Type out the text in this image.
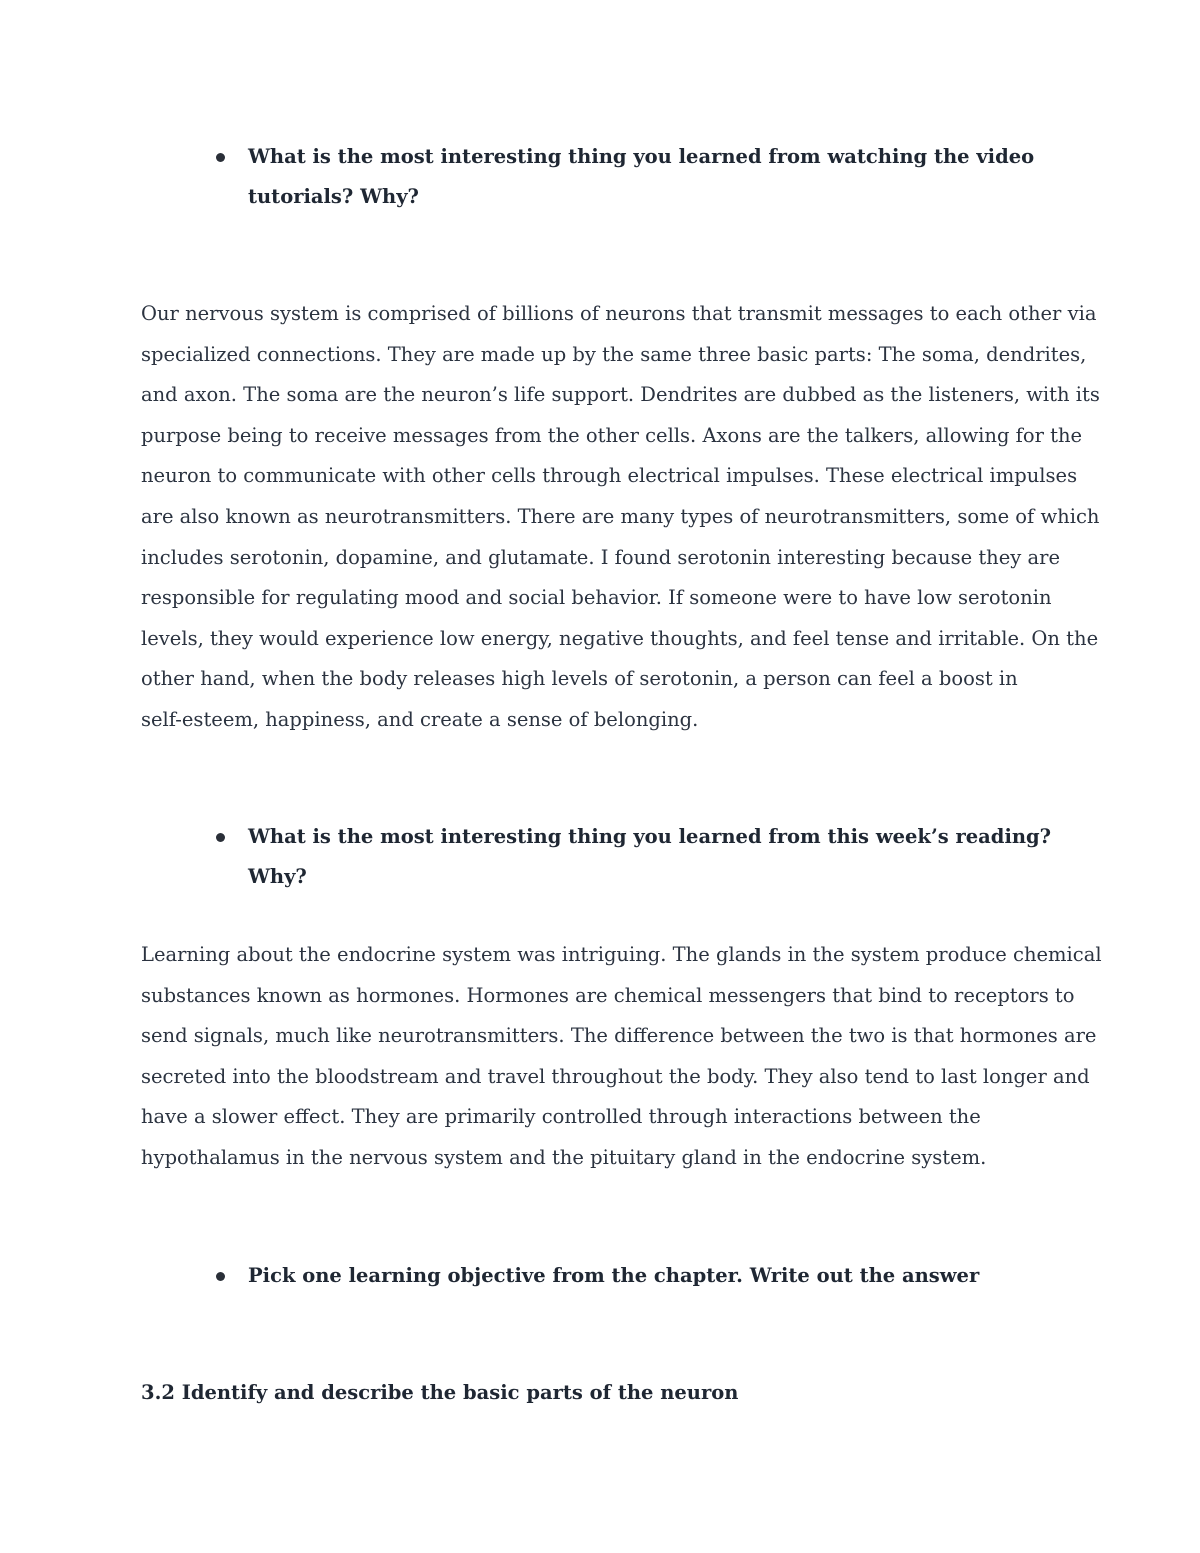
What is the most interesting thing you learned from watching the video
tutorials? Why?
Our nervous system is comprised of billions of neurons that transmit messages to each other via
specialized connections. They are made up by the same three basic parts: The soma, dendrites,
and axon. The soma are the neuron’s life support. Dendrites are dubbed as the listeners, with its
purpose being to receive messages from the other cells. Axons are the talkers, allowing for the
neuron to communicate with other cells through electrical impulses. These electrical impulses
are also known as neurotransmitters. There are many types of neurotransmitters, some of which
includes serotonin, dopamine, and glutamate. I found serotonin interesting because they are
responsible for regulating mood and social behavior. If someone were to have low serotonin
levels, they would experience low energy, negative thoughts, and feel tense and irritable. On the
other hand, when the body releases high levels of serotonin, a person can feel a boost in
self-esteem, happiness, and create a sense of belonging.
What is the most interesting thing you learned from this week’s reading? Why?
Learning about the endocrine system was intriguing. The glands in the system produce chemical
substances known as hormones. Hormones are chemical messengers that bind to receptors to
send signals, much like neurotransmitters. The difference between the two is that hormones are
secreted into the bloodstream and travel throughout the body. They also tend to last longer and
have a slower effect. They are primarily controlled through interactions between the
hypothalamus in the nervous system and the pituitary gland in the endocrine system.
Pick one learning objective from the chapter. Write out the answer
3.2 Identify and describe the basic parts of the neuron
